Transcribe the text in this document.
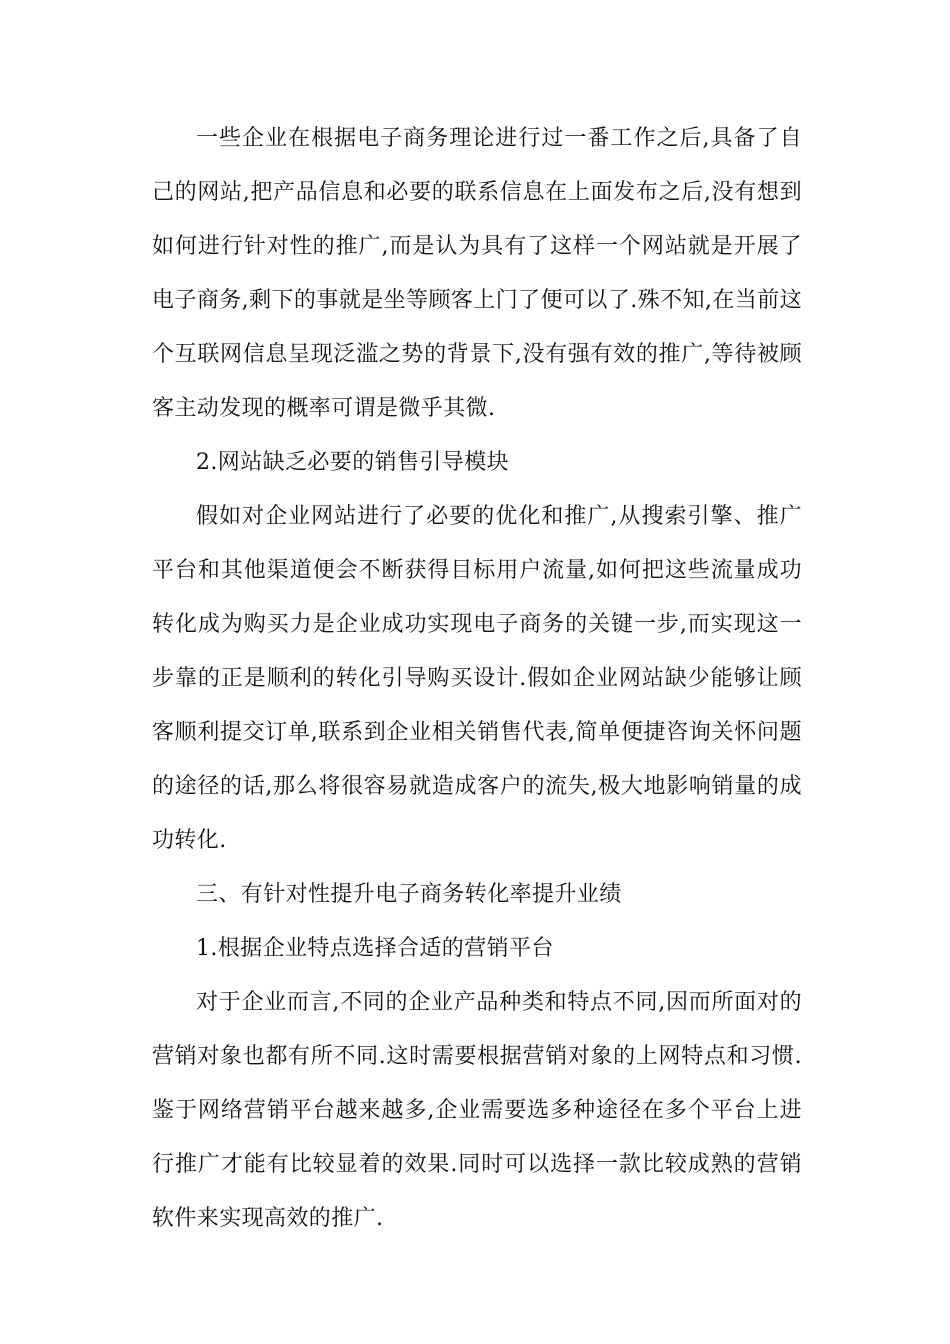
一些企业在根据电子商务理论进行过一番工作之后,具备了自己的网站,把产品信息和必要的联系信息在上面发布之后,没有想到如何进行针对性的推广,而是认为具有了这样一个网站就是开展了电子商务,剩下的事就是坐等顾客上门了便可以了.殊不知,在当前这个互联网信息呈现泛滥之势的背景下,没有强有效的推广,等待被顾客主动发现的概率可谓是微乎其微.

2.网站缺乏必要的销售引导模块

假如对企业网站进行了必要的优化和推广,从搜索引擎、推广平台和其他渠道便会不断获得目标用户流量,如何把这些流量成功转化成为购买力是企业成功实现电子商务的关键一步,而实现这一步靠的正是顺利的转化引导购买设计.假如企业网站缺少能够让顾客顺利提交订单,联系到企业相关销售代表,简单便捷咨询关怀问题的途径的话,那么将很容易就造成客户的流失,极大地影响销量的成功转化.

三、有针对性提升电子商务转化率提升业绩

1.根据企业特点选择合适的营销平台

对于企业而言,不同的企业产品种类和特点不同,因而所面对的营销对象也都有所不同.这时需要根据营销对象的上网特点和习惯.鉴于网络营销平台越来越多,企业需要选多种途径在多个平台上进行推广才能有比较显着的效果.同时可以选择一款比较成熟的营销软件来实现高效的推广.
